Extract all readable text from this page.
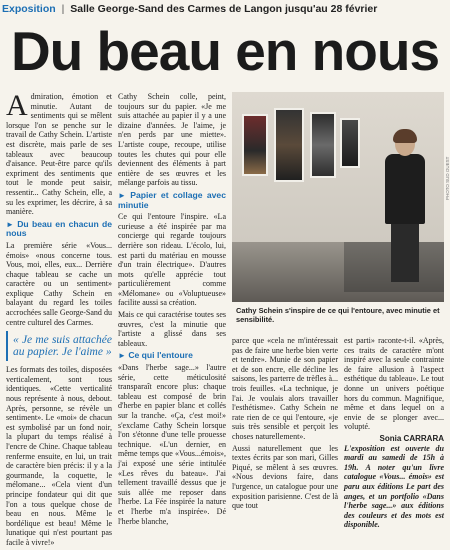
Exposition | Salle George-Sand des Carmes de Langon jusqu'au 28 février
Du beau en nous

Admiration, émotion et minutie. Autant de sentiments qui se mêlent lorsque l'on se penche sur le travail de Cathy Schein. L'artiste est discrète, mais parle de ses tableaux avec beaucoup d'aisance. Peut-être parce qu'ils expriment des sentiments que tout le monde peut saisir, ressentir... Cathy Schein, elle, a su les exprimer, les décrire, à sa manière.

► Du beau en chacun de nous

La première série «Vous... émois» «nous concerne tous. Vous, moi, elles, eux... Derrière chaque tableau se cache un caractère ou un sentiment» explique Cathy Schein en balayant du regard les toiles accrochées salle George-Sand du centre culturel des Carmes.

« Je me suis attachée au papier. Je l'aime »

Les formats des toiles, disposées verticalement, sont tous identiques. «Cette verticalité nous représente à nous, debout. Après, personne, se révèle un sentiment». Le «moi» de chacun est symbolisé par un fond noir, la plupart du temps réalisé à l'encre de Chine. Chaque tableau renferme ensuite, en lui, un trait de caractère bien précis: il y a la gourmande, la coquette, le mélomane... «Cela vient d'un principe fondateur qui dit que l'on a tous quelque chose de beau en nous. Même le bordélique est beau! Même le lunatique qui n'est pourtant pas facile à vivre!»

Cathy Schein colle, peint, toujours sur du papier. «Je me suis attachée au papier il y a une dizaine d'années. Je l'aime, je n'en perds par une miette». L'artiste coupe, recoupe, utilise toutes les chutes qui pour elle deviennent des éléments à part entière de ses œuvres et les mélange parfois au tissu.

► Papier et collage avec minutie

Ce qui l'entoure l'inspire. «La curieuse a été inspirée par ma concierge qui regarde toujours derrière son rideau. L'écolo, lui, est parti du matériau en mousse d'un train électrique». D'autres mots qu'elle apprécie tout particulièrement comme «Mélomane» ou «Voluptueuse» facilite aussi sa création.

Mais ce qui caractérise toutes ses œuvres, c'est la minutie que l'artiste a glissé dans ses tableaux.

► Ce qui l'entoure

«Dans l'herbe sage...» l'autre série, cette méticulosité transparaît encore plus: chaque tableau est composé de brin d'herbe en papier blanc et collés sur la tranche. «Ça, c'est moi!» s'exclame Cathy Schein lorsque l'on s'étonne d'une telle prouesse technique. «L'un dernier, en même temps que «Vous...émois», j'ai exposé une série intitulée «Les rêves du bateau». J'ai tellement travaillé dessus que je suis allée me reposer dans l'herbe. La Fée inspirée la nature et l'herbe m'a inspirée». Dé l'herbe blanche,

PHOTO SUD OUEST
Cathy Schein s'inspire de ce qui l'entoure, avec minutie et sensibilité.

parce que «cela ne m'intéressait pas de faire une herbe bien verte et tendre». Munie de son papier et de son encre, elle décline les saisons, les parterre de trèfles à... trois feuilles. «La technique, je l'ai. Je voulais alors travailler l'esthétisme». Cathy Schein ne rate rien de ce qui l'entoure, «je suis très sensible et perçoit les choses naturellement».

Aussi naturellement que les textes écrits par son mari, Gilles Piqué, se mêlent à ses œuvres. «Nous devions faire, dans l'urgence, un catalogue pour une exposition parisienne. C'est de là que tout

est parti» raconte-t-il. «Après, ces traits de caractère m'ont inspiré avec la seule contrainte de faire allusion à l'aspect esthétique du tableau». Le tout donne un univers poétique hors du commun. Magnifique, même et dans lequel on a envie de se plonger avec... volupté.

Sonia CARRARA

L'exposition est ouverte du mardi au samedi de 15h à 19h. A noter qu'un livre catalogue «Vous... émois» est paru aux éditions Le part des anges, et un portfolio «Dans l'herbe sage...» aux éditions des couleurs et des mots est disponible.
